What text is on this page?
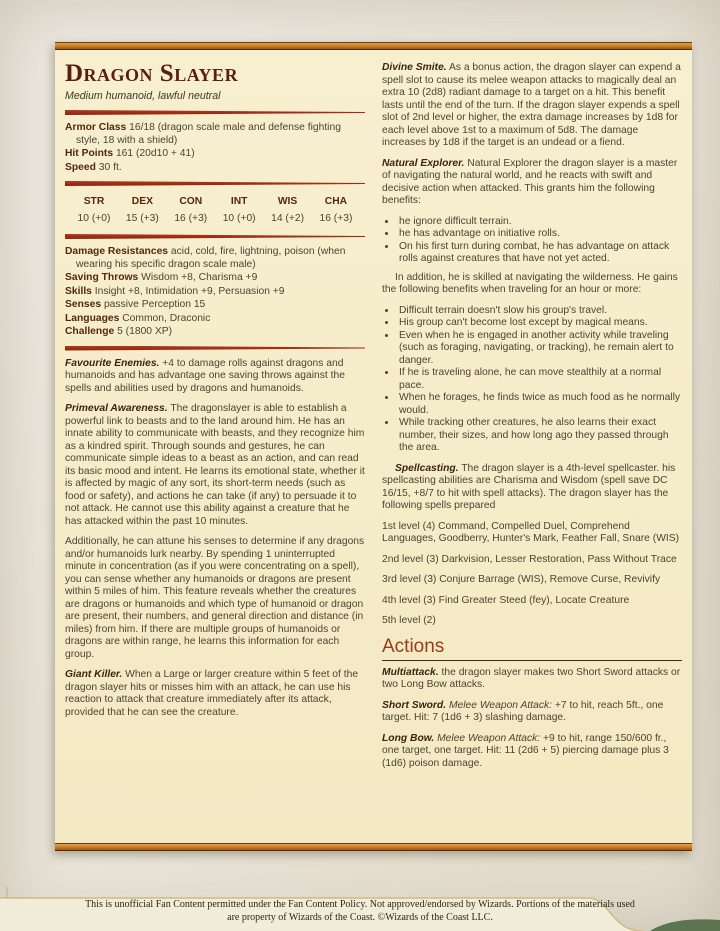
Dragon Slayer
Medium humanoid, lawful neutral

Armor Class 16/18 (dragon scale male and defense fighting style, 18 with a shield)

Hit Points 161 (20d10 + 41)

Speed 30 ft.

STR
10 (+0)
DEX
15 (+3)
CON
16 (+3)
INT
10 (+0)
WIS
14 (+2)
CHA
16 (+3)

Damage Resistances acid, cold, fire, lightning, poison (when wearing his specific dragon scale male)

Saving Throws Wisdom +8, Charisma +9

Skills Insight +8, Intimidation +9, Persuasion +9

Senses passive Perception 15

Languages Common, Draconic

Challenge 5 (1800 XP)

Favourite Enemies. +4 to damage rolls against dragons and humanoids and has advantage one saving throws against the spells and abilities used by dragons and humanoids.

Primeval Awareness. The dragonslayer is able to establish a powerful link to beasts and to the land around him. He has an innate ability to communicate with beasts, and they recognize him as a kindred spirit. Through sounds and gestures, he can communicate simple ideas to a beast as an action, and can read its basic mood and intent. He learns its emotional state, whether it is affected by magic of any sort, its short-term needs (such as food or safety), and actions he can take (if any) to persuade it to not attack. He cannot use this ability against a creature that he has attacked within the past 10 minutes.

Additionally, he can attune his senses to determine if any dragons and/or humanoids lurk nearby. By spending 1 uninterrupted minute in concentration (as if you were concentrating on a spell), you can sense whether any humanoids or dragons are present within 5 miles of him. This feature reveals whether the creatures are dragons or humanoids and which type of humanoid or dragon are present, their numbers, and general direction and distance (in miles) from him. If there are multiple groups of humanoids or dragons are within range, he learns this information for each group.

Giant Killer. When a Large or larger creature within 5 feet of the dragon slayer hits or misses him with an attack, he can use his reaction to attack that creature immediately after its attack, provided that he can see the creature.

Divine Smite. As a bonus action, the dragon slayer can expend a spell slot to cause its melee weapon attacks to magically deal an extra 10 (2d8) radiant damage to a target on a hit. This benefit lasts until the end of the turn. If the dragon slayer expends a spell slot of 2nd level or higher, the extra damage increases by 1d8 for each level above 1st to a maximum of 5d8. The damage increases by 1d8 if the target is an undead or a fiend.

Natural Explorer. Natural Explorer the dragon slayer is a master of navigating the natural world, and he reacts with swift and decisive action when attacked. This grants him the following benefits:

• he ignore difficult terrain.
• he has advantage on initiative rolls.
• On his first turn during combat, he has advantage on attack rolls against creatures that have not yet acted.

In addition, he is skilled at navigating the wilderness. He gains the following benefits when traveling for an hour or more:

• Difficult terrain doesn't slow his group's travel.
• His group can't become lost except by magical means.
• Even when he is engaged in another activity while traveling (such as foraging, navigating, or tracking), he remain alert to danger.
• If he is traveling alone, he can move stealthily at a normal pace.
• When he forages, he finds twice as much food as he normally would.
• While tracking other creatures, he also learns their exact number, their sizes, and how long ago they passed through the area.

Spellcasting. The dragon slayer is a 4th-level spellcaster. his spellcasting abilities are Charisma and Wisdom (spell save DC 16/15, +8/7 to hit with spell attacks). The dragon slayer has the following spells prepared

1st level (4) Command, Compelled Duel, Comprehend Languages, Goodberry, Hunter's Mark, Feather Fall, Snare (WIS)

2nd level (3) Darkvision, Lesser Restoration, Pass Without Trace

3rd level (3) Conjure Barrage (WIS), Remove Curse, Revivify

4th level (3) Find Greater Steed (fey), Locate Creature

5th level (2)

Actions

Multiattack. the dragon slayer makes two Short Sword attacks or two Long Bow attacks.

Short Sword. Melee Weapon Attack: +7 to hit, reach 5ft., one target. Hit: 7 (1d6 + 3) slashing damage.

Long Bow. Melee Weapon Attack: +9 to hit, range 150/600 fr., one target, one target. Hit: 11 (2d6 + 5) piercing damage plus 3 (1d6) poison damage.

This is unofficial Fan Content permitted under the Fan Content Policy. Not approved/endorsed by Wizards. Portions of the materials used
are property of Wizards of the Coast. ©Wizards of the Coast LLC.
